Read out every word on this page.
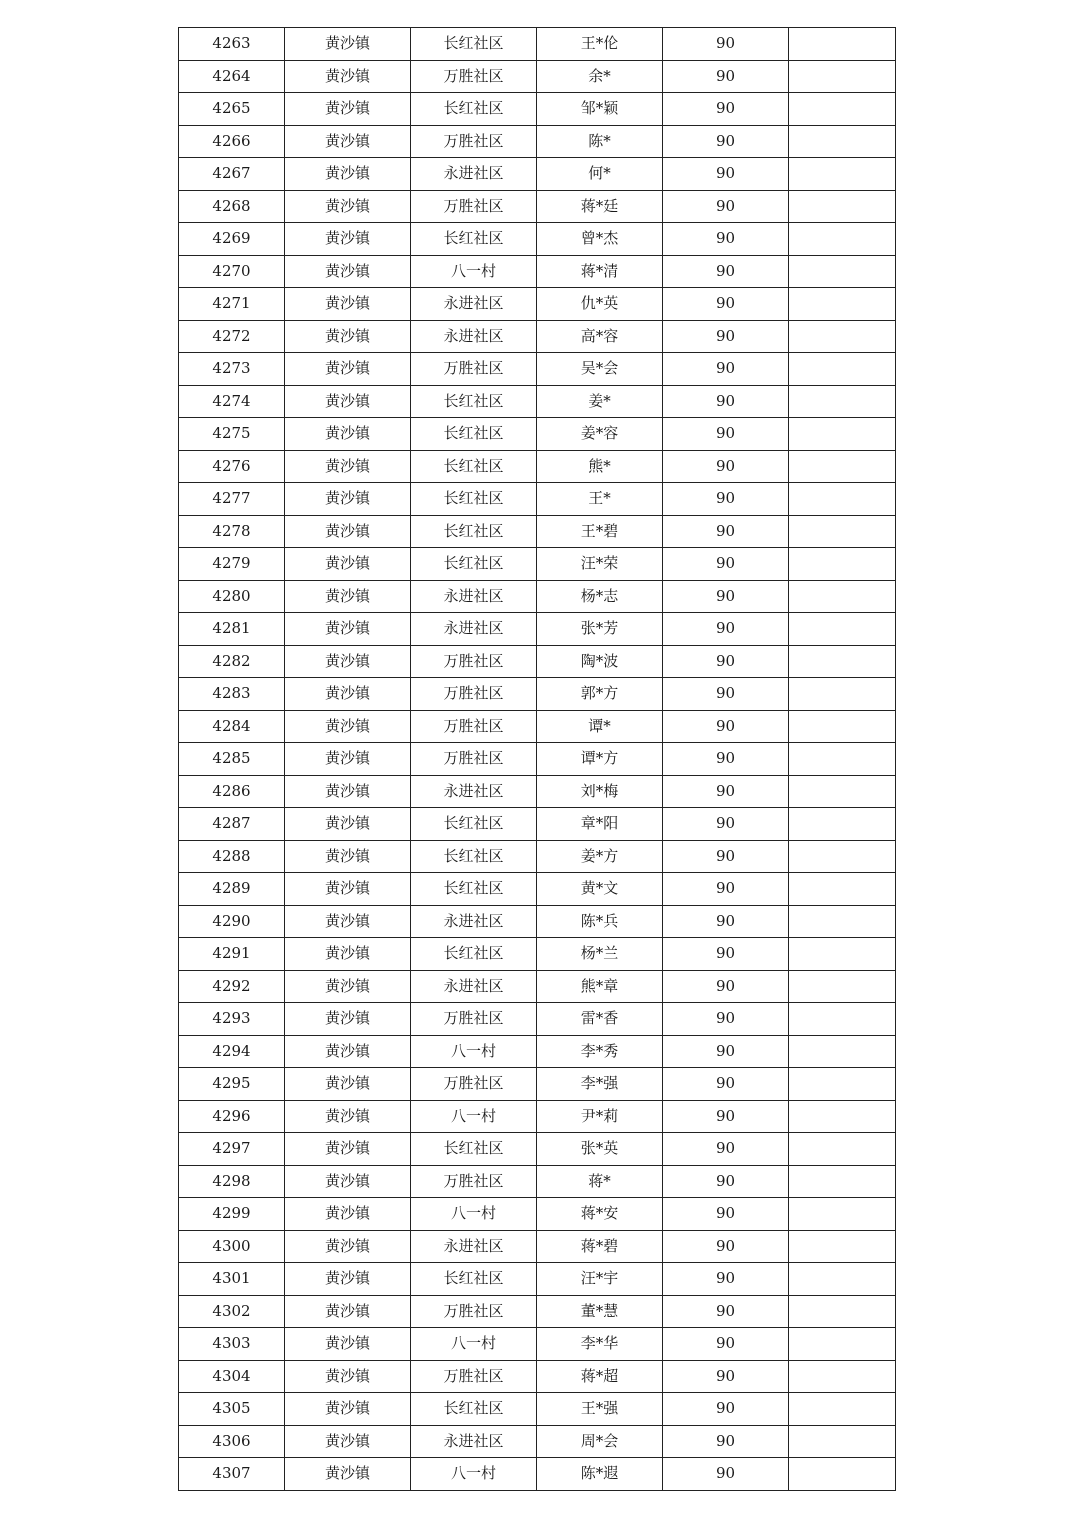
4263	黄沙镇	长红社区	王*伦	90	
4264	黄沙镇	万胜社区	余*	90	
4265	黄沙镇	长红社区	邹*颖	90	
4266	黄沙镇	万胜社区	陈*	90	
4267	黄沙镇	永进社区	何*	90	
4268	黄沙镇	万胜社区	蒋*廷	90	
4269	黄沙镇	长红社区	曾*杰	90	
4270	黄沙镇	八一村	蒋*清	90	
4271	黄沙镇	永进社区	仇*英	90	
4272	黄沙镇	永进社区	高*容	90	
4273	黄沙镇	万胜社区	吴*会	90	
4274	黄沙镇	长红社区	姜*	90	
4275	黄沙镇	长红社区	姜*容	90	
4276	黄沙镇	长红社区	熊*	90	
4277	黄沙镇	长红社区	王*	90	
4278	黄沙镇	长红社区	王*碧	90	
4279	黄沙镇	长红社区	汪*荣	90	
4280	黄沙镇	永进社区	杨*志	90	
4281	黄沙镇	永进社区	张*芳	90	
4282	黄沙镇	万胜社区	陶*波	90	
4283	黄沙镇	万胜社区	郭*方	90	
4284	黄沙镇	万胜社区	谭*	90	
4285	黄沙镇	万胜社区	谭*方	90	
4286	黄沙镇	永进社区	刘*梅	90	
4287	黄沙镇	长红社区	章*阳	90	
4288	黄沙镇	长红社区	姜*方	90	
4289	黄沙镇	长红社区	黄*文	90	
4290	黄沙镇	永进社区	陈*兵	90	
4291	黄沙镇	长红社区	杨*兰	90	
4292	黄沙镇	永进社区	熊*章	90	
4293	黄沙镇	万胜社区	雷*香	90	
4294	黄沙镇	八一村	李*秀	90	
4295	黄沙镇	万胜社区	李*强	90	
4296	黄沙镇	八一村	尹*莉	90	
4297	黄沙镇	长红社区	张*英	90	
4298	黄沙镇	万胜社区	蒋*	90	
4299	黄沙镇	八一村	蒋*安	90	
4300	黄沙镇	永进社区	蒋*碧	90	
4301	黄沙镇	长红社区	汪*宇	90	
4302	黄沙镇	万胜社区	董*慧	90	
4303	黄沙镇	八一村	李*华	90	
4304	黄沙镇	万胜社区	蒋*超	90	
4305	黄沙镇	长红社区	王*强	90	
4306	黄沙镇	永进社区	周*会	90	
4307	黄沙镇	八一村	陈*遐	90	
